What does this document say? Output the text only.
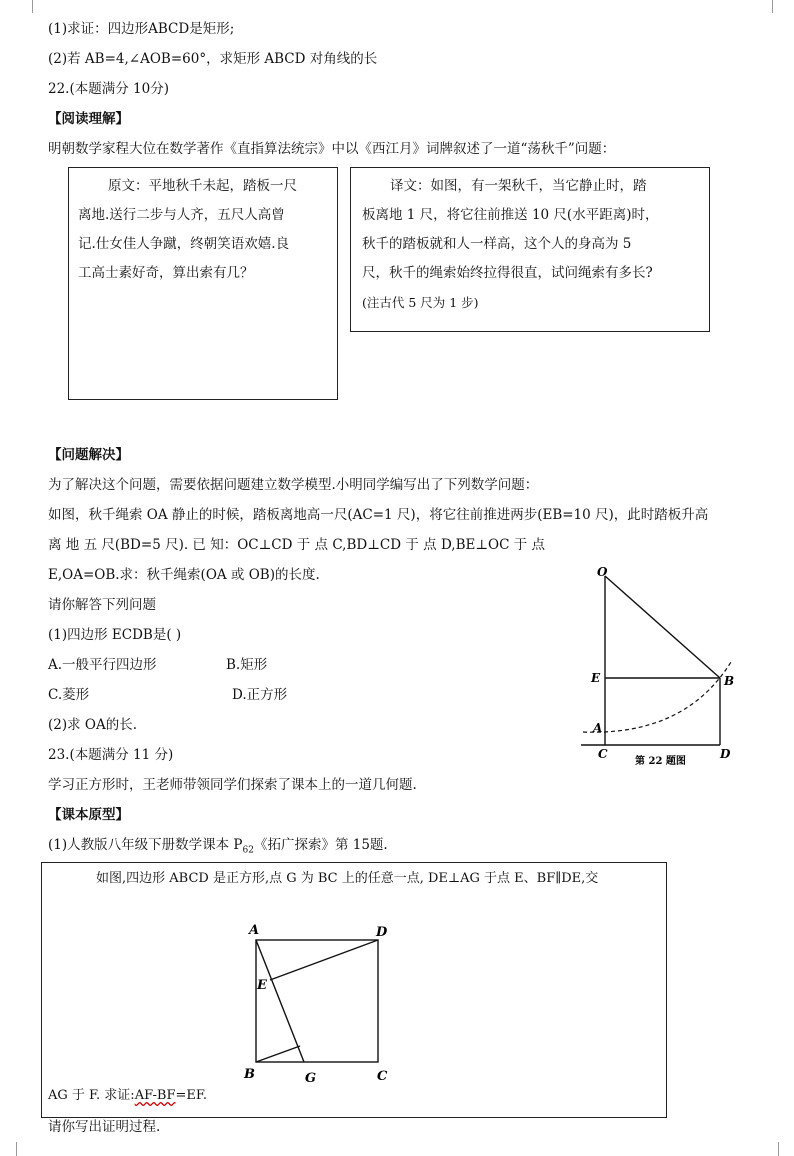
(1)求证：四边形ABCD是矩形;
(2)若 AB=4,∠AOB=60°，求矩形 ABCD 对角线的长
22.(本题满分 10分)
【阅读理解】
明朝数学家程大位在数学著作《直指算法统宗》中以《西江月》词牌叙述了一道“荡秋千”问题：
原文：平地秋千未起，踏板一尺
离地.送行二步与人齐，五尺人高曾
记.仕女佳人争蹴，终朝笑语欢嬉.良
工高士素好奇，算出索有几？
译文：如图，有一架秋千，当它静止时，踏
板离地 1 尺，将它往前推送 10 尺(水平距离)时，
秋千的踏板就和人一样高，这个人的身高为 5
尺，秋千的绳索始终拉得很直，试问绳索有多长?
(注古代 5 尺为 1 步)
【问题解决】
为了解决这个问题，需要依据问题建立数学模型.小明同学编写出了下列数学问题：
如图，秋千绳索 OA 静止的时候，踏板离地高一尺(AC=1 尺)，将它往前推进两步(EB=10 尺)，此时踏板升高
离 地 五 尺(BD=5 尺). 已 知：OC⊥CD 于 点 C,BD⊥CD 于 点 D,BE⊥OC 于 点
E,OA=OB.求：秋千绳索(OA 或 OB)的长度.
请你解答下列问题
(1)四边形 ECDB是( )
A.一般平行四边形	B.矩形
C.菱形	D.正方形
(2)求 OA的长.
O
E
A
C
B
D
第 22 题图
23.(本题满分 11 分)
学习正方形时，王老师带领同学们探索了课本上的一道几何题.
【课本原型】
(1)人教版八年级下册数学课本 $P_{62}$《拓广探索》第 15题.
如图,四边形 ABCD 是正方形,点 G 为 BC 上的任意一点, DE⊥AG 于点 E、BF∥DE,交
AG 于 F. 求证:AF-BF=EF.
A	D
E
B	G	C
请你写出证明过程.
